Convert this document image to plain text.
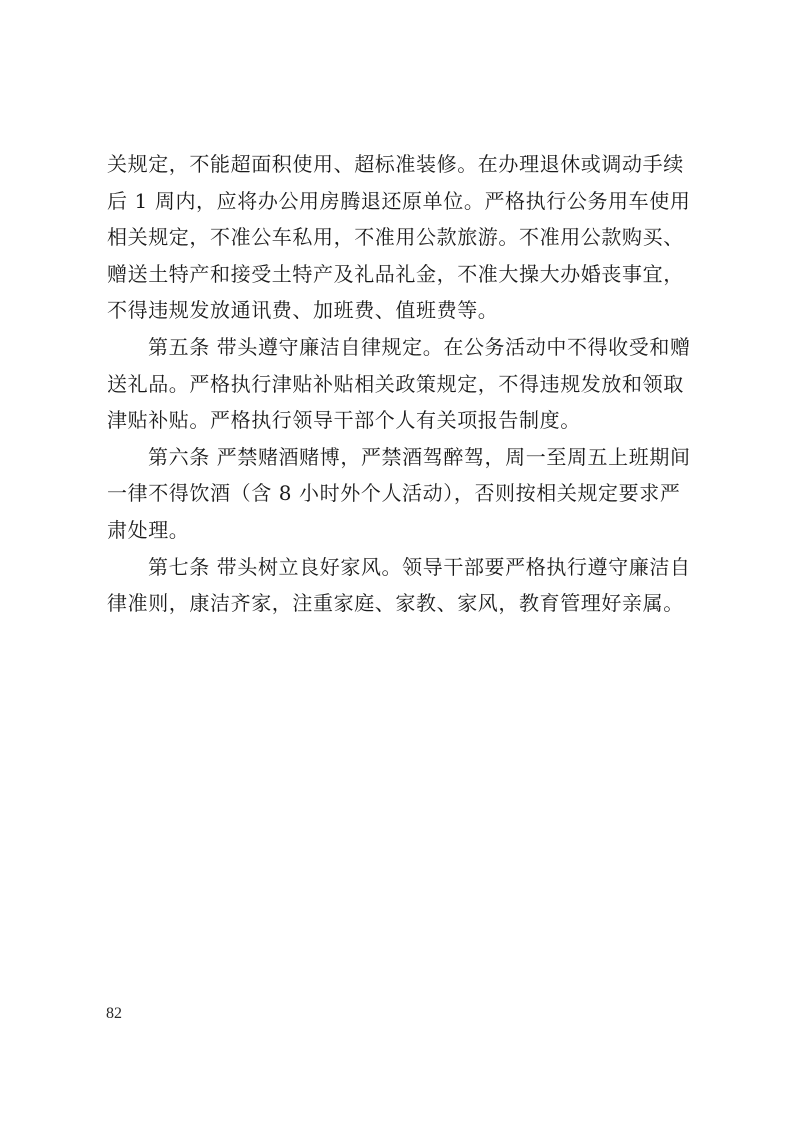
关规定，不能超面积使用、超标准装修。在办理退休或调动手续
后 1 周内，应将办公用房腾退还原单位。严格执行公务用车使用
相关规定，不准公车私用，不准用公款旅游。不准用公款购买、
赠送土特产和接受土特产及礼品礼金，不准大操大办婚丧事宜，
不得违规发放通讯费、加班费、值班费等。
第五条 带头遵守廉洁自律规定。在公务活动中不得收受和赠
送礼品。严格执行津贴补贴相关政策规定，不得违规发放和领取
津贴补贴。严格执行领导干部个人有关项报告制度。
第六条 严禁赌酒赌博，严禁酒驾醉驾，周一至周五上班期间
一律不得饮酒（含 8 小时外个人活动），否则按相关规定要求严
肃处理。
第七条 带头树立良好家风。领导干部要严格执行遵守廉洁自
律准则，康洁齐家，注重家庭、家教、家风，教育管理好亲属。
82
